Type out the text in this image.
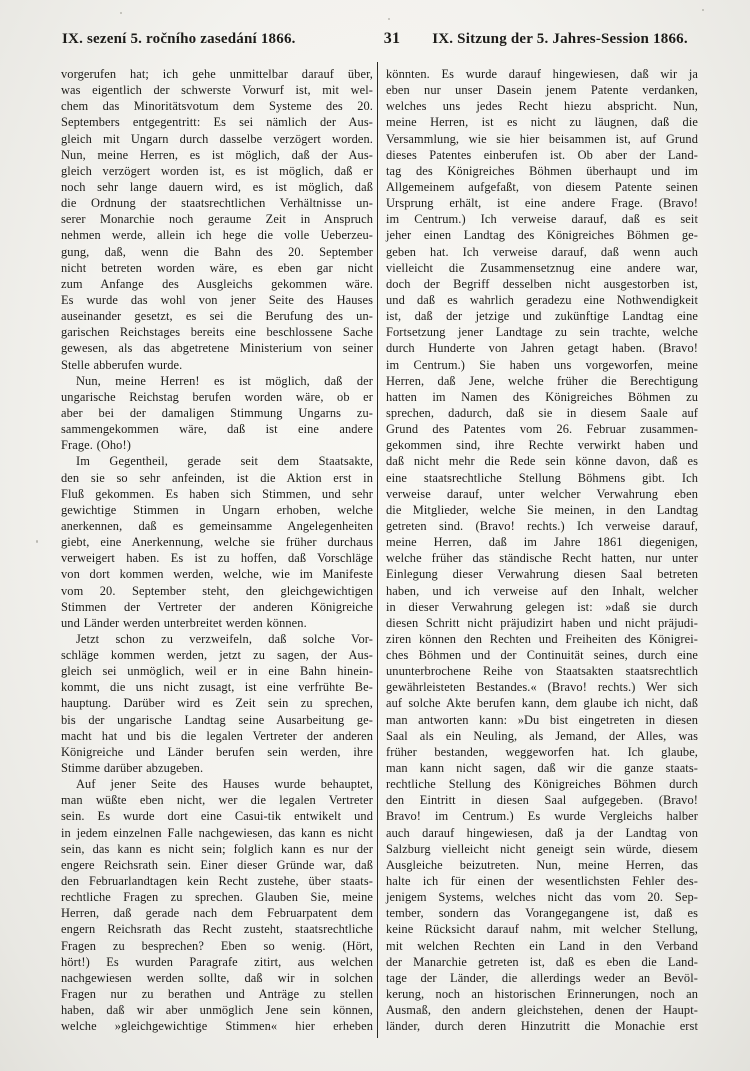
IX. sezení 5. ročního zasedání 1866.	31	IX. Sitzung der 5. Jahres-Session 1866.
vorgerufen hat; ich gehe unmittelbar darauf über,
was eigentlich der schwerste Vorwurf ist, mit wel-
chem das Minoritätsvotum dem Systeme des 20.
Septembers entgegentritt: Es sei nämlich der Aus-
gleich mit Ungarn durch dasselbe verzögert worden.
Nun, meine Herren, es ist möglich, daß der Aus-
gleich verzögert worden ist, es ist möglich, daß er
noch sehr lange dauern wird, es ist möglich, daß
die Ordnung der staatsrechtlichen Verhältnisse un-
serer Monarchie noch geraume Zeit in Anspruch
nehmen werde, allein ich hege die volle Ueberzeu-
gung, daß, wenn die Bahn des 20. September
nicht betreten worden wäre, es eben gar nicht
zum Anfange des Ausgleichs gekommen wäre.
Es wurde das wohl von jener Seite des Hauses
auseinander gesetzt, es sei die Berufung des un-
garischen Reichstages bereits eine beschlossene Sache
gewesen, als das abgetretene Ministerium von seiner
Stelle abberufen wurde.
Nun, meine Herren! es ist möglich, daß der
ungarische Reichstag berufen worden wäre, ob er
aber bei der damaligen Stimmung Ungarns zu-
sammengekommen wäre, daß ist eine andere
Frage. (Oho!)
Im Gegentheil, gerade seit dem Staatsakte,
den sie so sehr anfeinden, ist die Aktion erst in
Fluß gekommen. Es haben sich Stimmen, und sehr
gewichtige Stimmen in Ungarn erhoben, welche
anerkennen, daß es gemeinsamme Angelegenheiten
giebt, eine Anerkennung, welche sie früher durchaus
verweigert haben. Es ist zu hoffen, daß Vorschläge
von dort kommen werden, welche, wie im Manifeste
vom 20. September steht, den gleichgewichtigen
Stimmen der Vertreter der anderen Königreiche
und Länder werden unterbreitet werden können.
Jetzt schon zu verzweifeln, daß solche Vor-
schläge kommen werden, jetzt zu sagen, der Aus-
gleich sei unmöglich, weil er in eine Bahn hinein-
kommt, die uns nicht zusagt, ist eine verfrühte Be-
hauptung. Darüber wird es Zeit sein zu sprechen,
bis der ungarische Landtag seine Ausarbeitung ge-
macht hat und bis die legalen Vertreter der anderen
Königreiche und Länder berufen sein werden, ihre
Stimme darüber abzugeben.
Auf jener Seite des Hauses wurde behauptet,
man wüßte eben nicht, wer die legalen Vertreter
sein. Es wurde dort eine Casui-tik entwikelt und
in jedem einzelnen Falle nachgewiesen, das kann es nicht
sein, das kann es nicht sein; folglich kann es nur der
engere Reichsrath sein. Einer dieser Gründe war, daß
den Februarlandtagen kein Recht zustehe, über staats-
rechtliche Fragen zu sprechen. Glauben Sie, meine
Herren, daß gerade nach dem Februarpatent dem
engern Reichsrath das Recht zusteht, staatsrechtliche
Fragen zu besprechen? Eben so wenig. (Hört,
hört!) Es wurden Paragrafe zitirt, aus welchen
nachgewiesen werden sollte, daß wir in solchen
Fragen nur zu berathen und Anträge zu stellen
haben, daß wir aber unmöglich Jene sein können,
welche »gleichgewichtige Stimmen« hier erheben
könnten. Es wurde darauf hingewiesen, daß wir ja
eben nur unser Dasein jenem Patente verdanken,
welches uns jedes Recht hiezu abspricht. Nun,
meine Herren, ist es nicht zu läugnen, daß die
Versammlung, wie sie hier beisammen ist, auf Grund
dieses Patentes einberufen ist. Ob aber der Land-
tag des Königreiches Böhmen überhaupt und im
Allgemeinem aufgefaßt, von diesem Patente seinen
Ursprung erhält, ist eine andere Frage. (Bravo!
im Centrum.) Ich verweise darauf, daß es seit
jeher einen Landtag des Königreiches Böhmen ge-
geben hat. Ich verweise darauf, daß wenn auch
vielleicht die Zusammensetznug eine andere war,
doch der Begriff desselben nicht ausgestorben ist,
und daß es wahrlich geradezu eine Nothwendigkeit
ist, daß der jetzige und zukünftige Landtag eine
Fortsetzung jener Landtage zu sein trachte, welche
durch Hunderte von Jahren getagt haben. (Bravo!
im Centrum.) Sie haben uns vorgeworfen, meine
Herren, daß Jene, welche früher die Berechtigung
hatten im Namen des Königreiches Böhmen zu
sprechen, dadurch, daß sie in diesem Saale auf
Grund des Patentes vom 26. Februar zusammen-
gekommen sind, ihre Rechte verwirkt haben und
daß nicht mehr die Rede sein könne davon, daß es
eine staatsrechtliche Stellung Böhmens gibt. Ich
verweise darauf, unter welcher Verwahrung eben
die Mitglieder, welche Sie meinen, in den Landtag
getreten sind. (Bravo! rechts.) Ich verweise darauf,
meine Herren, daß im Jahre 1861 diegenigen,
welche früher das ständische Recht hatten, nur unter
Einlegung dieser Verwahrung diesen Saal betreten
haben, und ich verweise auf den Inhalt, welcher
in dieser Verwahrung gelegen ist: »daß sie durch
diesen Schritt nicht präjudizirt haben und nicht präjudi-
ziren können den Rechten und Freiheiten des Königrei-
ches Böhmen und der Continuität seines, durch eine
ununterbrochene Reihe von Staatsakten staatsrechtlich
gewährleisteten Bestandes.« (Bravo! rechts.) Wer sich
auf solche Akte berufen kann, dem glaube ich nicht, daß
man antworten kann: »Du bist eingetreten in diesen
Saal als ein Neuling, als Jemand, der Alles, was
früher bestanden, weggeworfen hat. Ich glaube,
man kann nicht sagen, daß wir die ganze staats-
rechtliche Stellung des Königreiches Böhmen durch
den Eintritt in diesen Saal aufgegeben. (Bravo!
Bravo! im Centrum.) Es wurde Vergleichs halber
auch darauf hingewiesen, daß ja der Landtag von
Salzburg vielleicht nicht geneigt sein würde, diesem
Ausgleiche beizutreten. Nun, meine Herren, das
halte ich für einen der wesentlichsten Fehler des-
jenigem Systems, welches nicht das vom 20. Sep-
tember, sondern das Vorangegangene ist, daß es
keine Rücksicht darauf nahm, mit welcher Stellung,
mit welchen Rechten ein Land in den Verband
der Manarchie getreten ist, daß es eben die Land-
tage der Länder, die allerdings weder an Bevöl-
kerung, noch an historischen Erinnerungen, noch an
Ausmaß, den andern gleichstehen, denen der Haupt-
länder, durch deren Hinzutritt die Monachie erst
